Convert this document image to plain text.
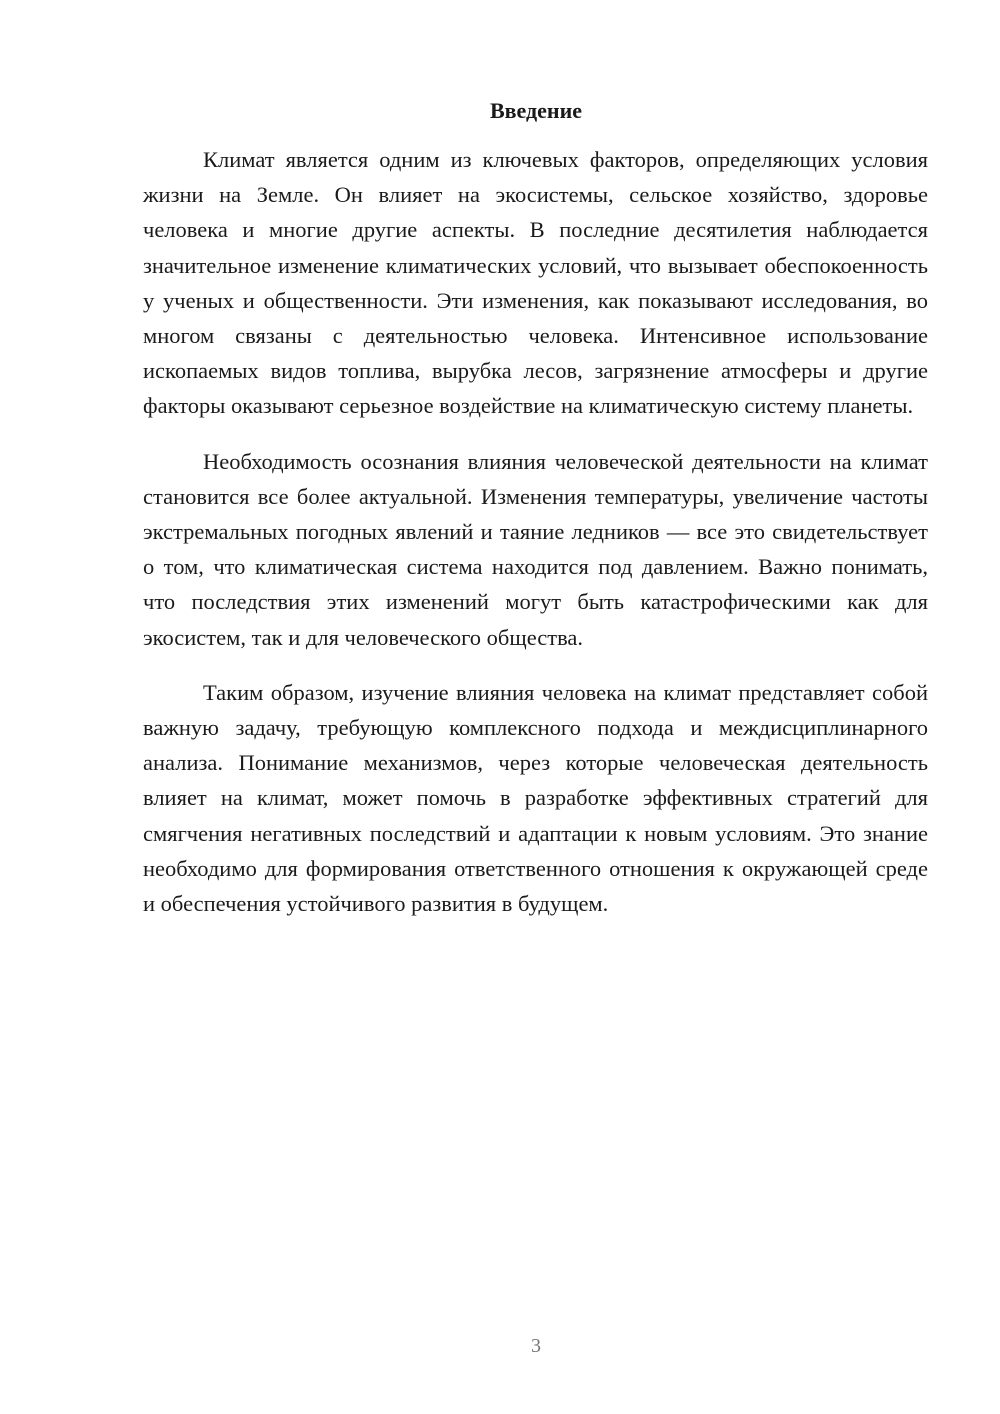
Введение

Климат является одним из ключевых факторов, определяющих условия жизни на Земле. Он влияет на экосистемы, сельское хозяйство, здоровье человека и многие другие аспекты. В последние десятилетия наблюдается значительное изменение климатических условий, что вызывает обеспокоенность у ученых и общественности. Эти изменения, как показывают исследования, во многом связаны с деятельностью человека. Интенсивное использование ископаемых видов топлива, вырубка лесов, загрязнение атмосферы и другие факторы оказывают серьезное воздействие на климатическую систему планеты.

Необходимость осознания влияния человеческой деятельности на климат становится все более актуальной. Изменения температуры, увеличение частоты экстремальных погодных явлений и таяние ледников — все это свидетельствует о том, что климатическая система находится под давлением. Важно понимать, что последствия этих изменений могут быть катастрофическими как для экосистем, так и для человеческого общества.

Таким образом, изучение влияния человека на климат представляет собой важную задачу, требующую комплексного подхода и междисциплинарного анализа. Понимание механизмов, через которые человеческая деятельность влияет на климат, может помочь в разработке эффективных стратегий для смягчения негативных последствий и адаптации к новым условиям. Это знание необходимо для формирования ответственного отношения к окружающей среде и обеспечения устойчивого развития в будущем.

3
